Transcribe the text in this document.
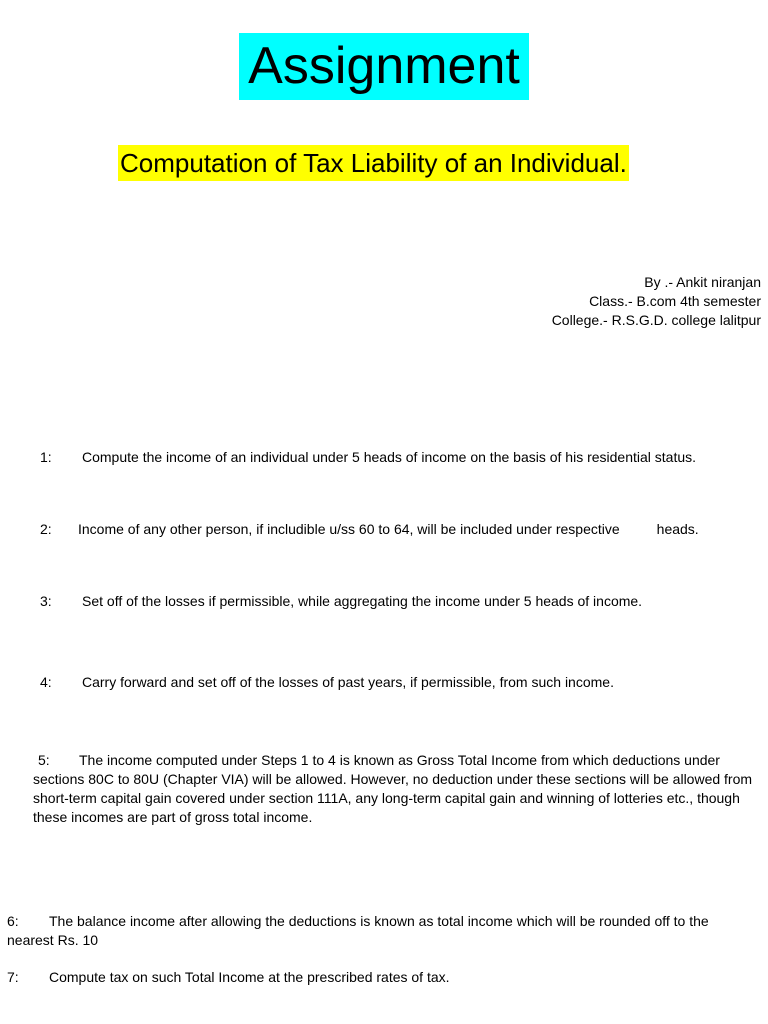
Assignment
Computation of Tax Liability of an Individual.
By .- Ankit niranjan
Class.- B.com 4th semester
College.- R.S.G.D. college lalitpur
1: Compute the income of an individual under 5 heads of income on the basis of his residential status.
2: Income of any other person, if includible u/ss 60 to 64, will be included under respective	heads.
3: Set off of the losses if permissible, while aggregating the income under 5 heads of income.
4: Carry forward and set off of the losses of past years, if permissible, from such income.
5: The income computed under Steps 1 to 4 is known as Gross Total Income from which deductions under sections 80C to 80U (Chapter VIA) will be allowed. However, no deduction under these sections will be allowed from short-term capital gain covered under section 111A, any long-term capital gain and winning of lotteries etc., though these incomes are part of gross total income.
6: The balance income after allowing the deductions is known as total income which will be rounded off to the nearest Rs. 10
7: Compute tax on such Total Income at the prescribed rates of tax.
